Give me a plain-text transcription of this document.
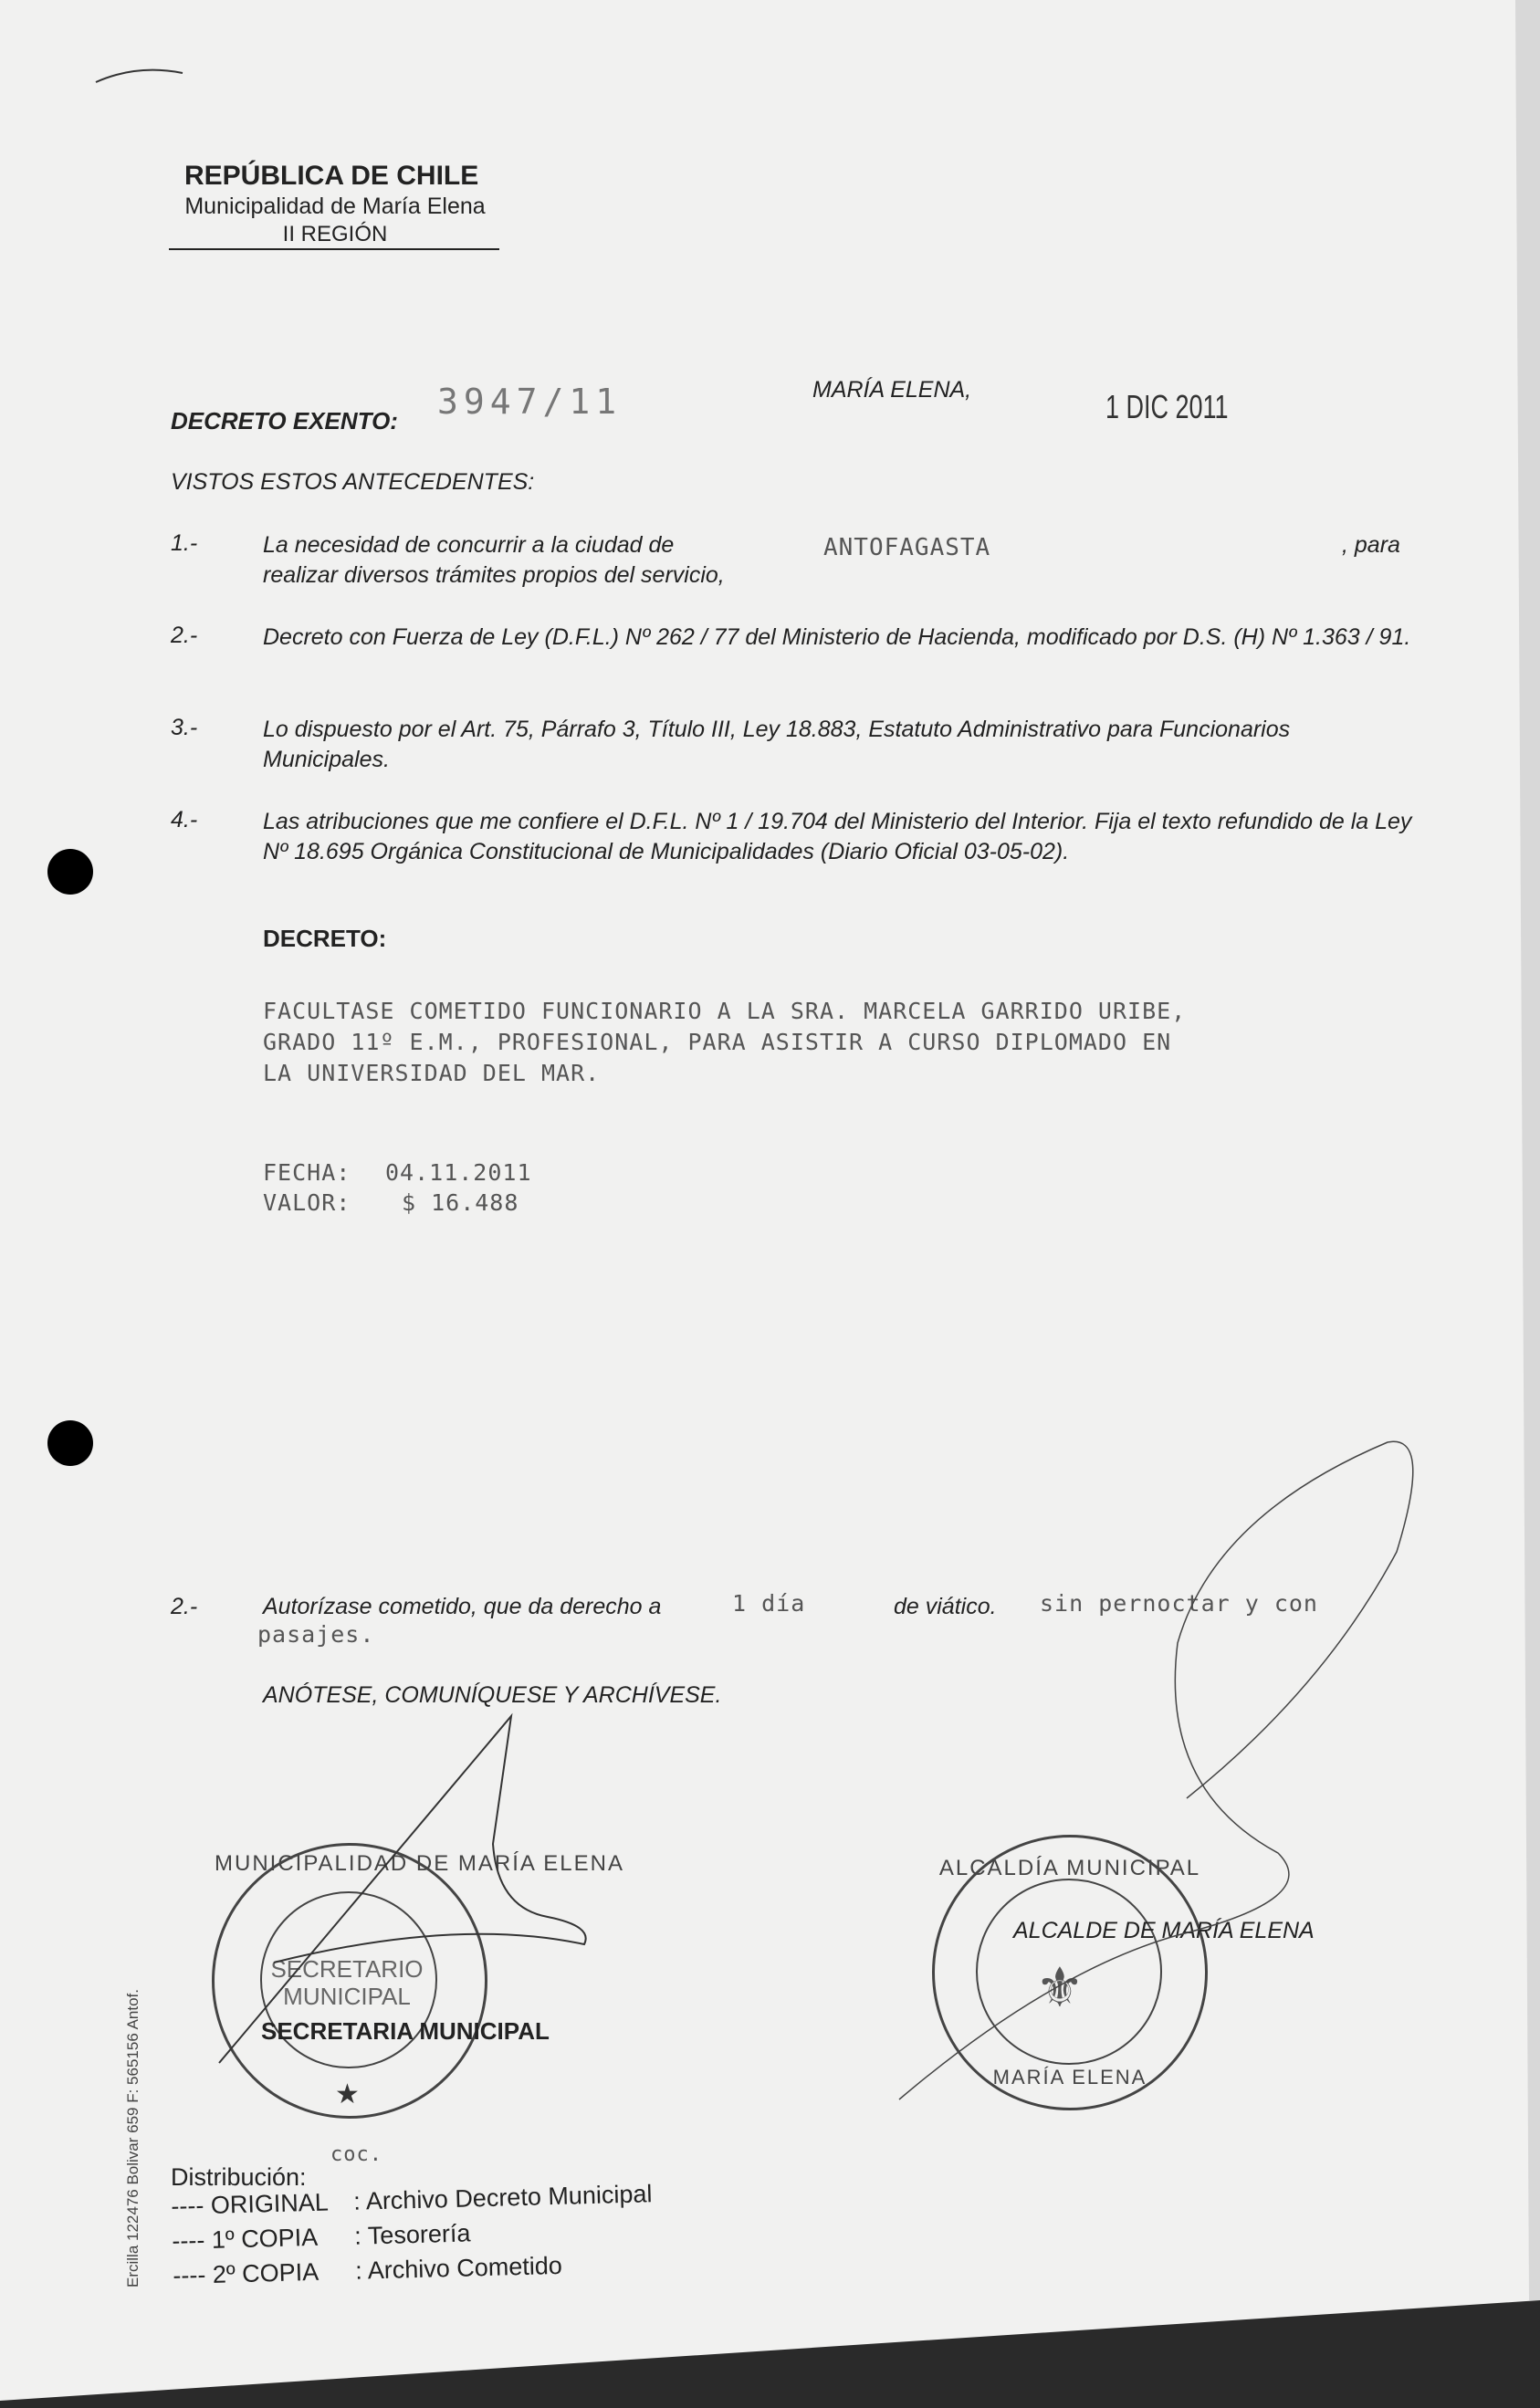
REPÚBLICA DE CHILE
Municipalidad de María Elena
II REGIÓN
DECRETO EXENTO: 3947/11	MARÍA ELENA,	1 DIC 2011
VISTOS ESTOS ANTECEDENTES:
1.-	La necesidad de concurrir a la ciudad de
realizar diversos trámites propios del servicio,
ANTOFAGASTA	, para
2.-	Decreto con Fuerza de Ley (D.F.L.) Nº 262 / 77 del Ministerio de Hacienda, modificado por D.S. (H) Nº 1.363 / 91.
3.-	Lo dispuesto por el Art. 75, Párrafo 3, Título III, Ley 18.883, Estatuto Administrativo para Funcionarios Municipales.
4.-	Las atribuciones que me confiere el D.F.L. Nº 1 / 19.704 del Ministerio del Interior. Fija el texto refundido de la Ley Nº 18.695 Orgánica Constitucional de Municipalidades (Diario Oficial 03-05-02).
DECRETO:
FACULTASE COMETIDO FUNCIONARIO A LA SRA. MARCELA GARRIDO URIBE,
GRADO 11º E.M., PROFESIONAL, PARA ASISTIR A CURSO DIPLOMADO EN
LA UNIVERSIDAD DEL MAR.
FECHA: 04.11.2011
VALOR: $ 16.488
2.-	Autorízase cometido, que da derecho a	1 día	de viático. sin pernoctar y con
pasajes.
ANÓTESE, COMUNÍQUESE Y ARCHÍVESE.
SECRETARIO MUNICIPAL
MUNICIPALIDAD DE MARÍA ELENA
★
SECRETARIA MUNICIPAL
ALCALDÍA MUNICIPAL
MARÍA ELENA
⚜
ALCALDE DE MARÍA ELENA
coc.
Distribución:
---- ORIGINAL : Archivo Decreto Municipal
---- 1º COPIA : Tesorería
---- 2º COPIA : Archivo Cometido
Ercilla 122476 Bolivar 659 F: 565156 Antof.
